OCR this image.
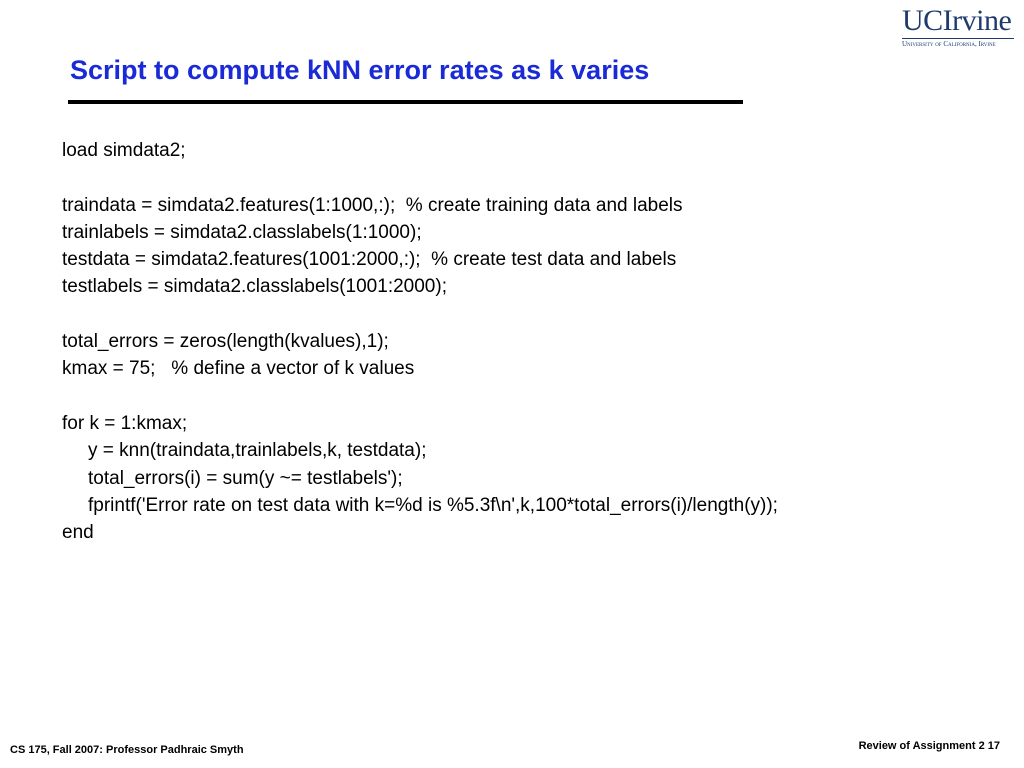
UCIrvine
University of California, Irvine
Script to compute kNN error rates as k varies
load simdata2;
traindata = simdata2.features(1:1000,:);  % create training data and labels
trainlabels = simdata2.classlabels(1:1000);
testdata = simdata2.features(1001:2000,:);  % create test data and labels
testlabels = simdata2.classlabels(1001:2000);
total_errors = zeros(length(kvalues),1);
kmax = 75;   % define a vector of k values
for k = 1:kmax;
y = knn(traindata,trainlabels,k, testdata);
total_errors(i) = sum(y ~= testlabels');
fprintf('Error rate on test data with k=%d is %5.3f\n',k,100*total_errors(i)/length(y));
end
CS 175, Fall 2007: Professor Padhraic Smyth	Review of Assignment 2 17
